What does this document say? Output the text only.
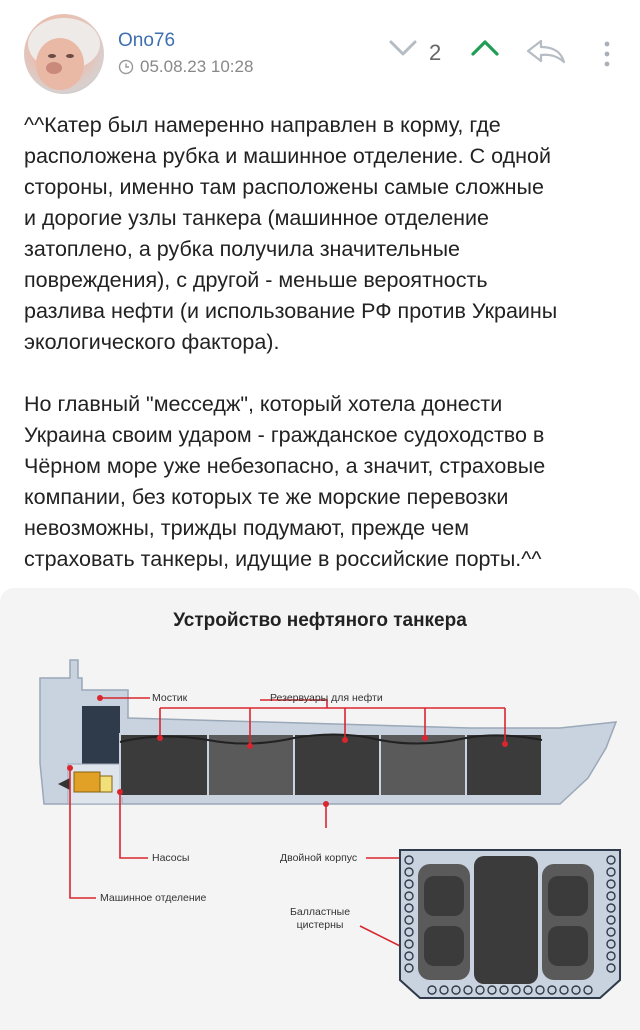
Ono76
05.08.23 10:28
2

^^Катер был намеренно направлен в корму, где
расположена рубка и машинное отделение. С одной
стороны, именно там расположены самые сложные
и дорогие узлы танкера (машинное отделение
затоплено, а рубка получила значительные
повреждения), с другой - меньше вероятность
разлива нефти (и использование РФ против Украины
экологического фактора).

Но главный "месседж", который хотела донести
Украина своим ударом - гражданское судоходство в
Чёрном море уже небезопасно, а значит, страховые
компании, без которых те же морские перевозки
невозможны, трижды подумают, прежде чем
страховать танкеры, идущие в российские порты.^^

Устройство нефтяного танкера
Мостик	Резервуары для нефти
Насосы	Двойной корпус
Машинное отделение
Балластные
цистерны
